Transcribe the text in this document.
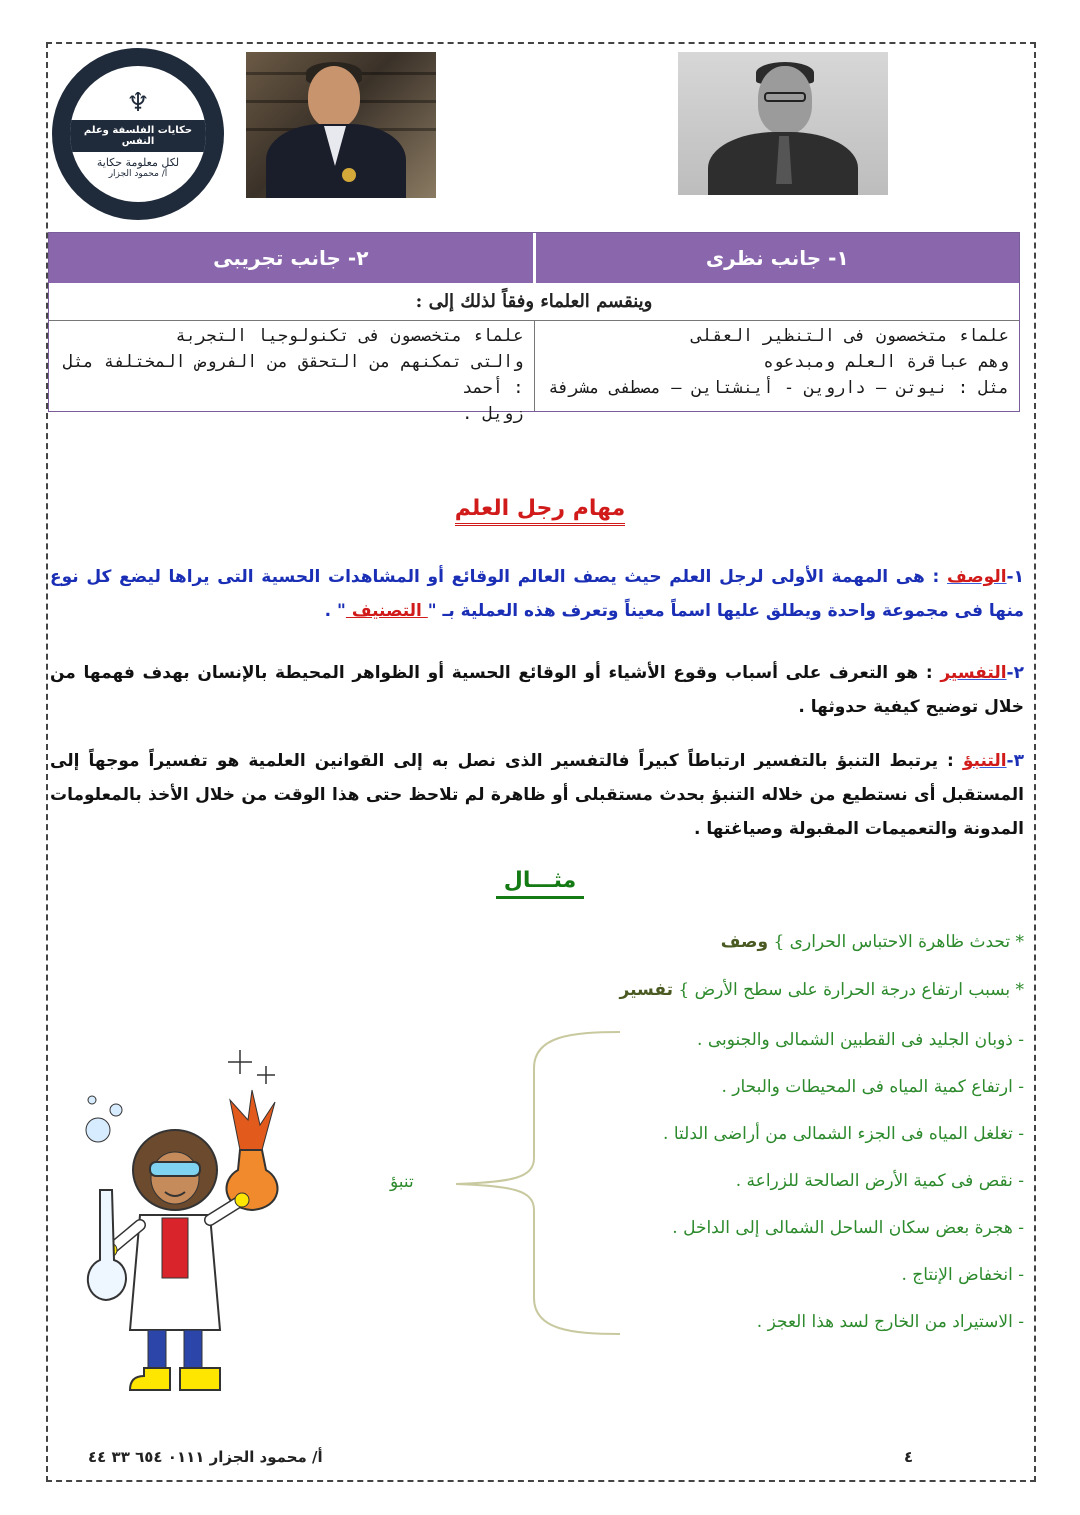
♆
حكايات الفلسفة وعلم النفس
لكل معلومة حكاية
أ/ محمود الجزار
١- جانب نظرى
٢- جانب تجريبى
وينقسم العلماء وفقاً لذلك إلى :
علماء متخصصون فى التنظير العقلى
وهم عباقرة العلم ومبدعوه
مثل : نيوتن – داروين - أينشتاين – مصطفى مشرفة
علماء متخصصون فى تكنولوجيا التجربة
والتى تمكنهم من التحقق من الفروض المختلفة مثل : أحمد
زويل .
مهام رجل العلم
١-الوصف : هى المهمة الأولى لرجل العلم حيث يصف العالم الوقائع أو المشاهدات الحسية التى يراها ليضع كل نوع منها فى مجموعة واحدة ويطلق عليها اسماً معيناً وتعرف هذه العملية بـ " التصنيف " .
٢-التفسير : هو التعرف على أسباب وقوع الأشياء أو الوقائع الحسية أو الظواهر المحيطة بالإنسان بهدف فهمها من خلال توضيح كيفية حدوثها .
٣-التنبؤ : يرتبط التنبؤ بالتفسير ارتباطاً كبيراً فالتفسير الذى نصل به إلى القوانين العلمية هو تفسيراً موجهاً إلى المستقبل أى نستطيع من خلاله التنبؤ بحدث مستقبلى أو ظاهرة لم تلاحظ حتى هذا الوقت من خلال الأخذ بالمعلومات المدونة والتعميمات المقبولة وصياغتها .
مثـــال
* تحدث ظاهرة الاحتباس الحرارى } وصف
* بسبب ارتفاع درجة الحرارة على سطح الأرض } تفسير
- ذوبان الجليد فى القطبين الشمالى والجنوبى .
- ارتفاع كمية المياه فى المحيطات والبحار .
- تغلغل المياه فى الجزء الشمالى من أراضى الدلتا .
- نقص فى كمية الأرض الصالحة للزراعة .
- هجرة بعض سكان الساحل الشمالى إلى الداخل .
- انخفاض الإنتاج .
- الاستيراد من الخارج لسد هذا العجز .
تنبؤ
أ/ محمود الجزار ٠١١١ ٦٥٤ ٣٣ ٤٤	٤
